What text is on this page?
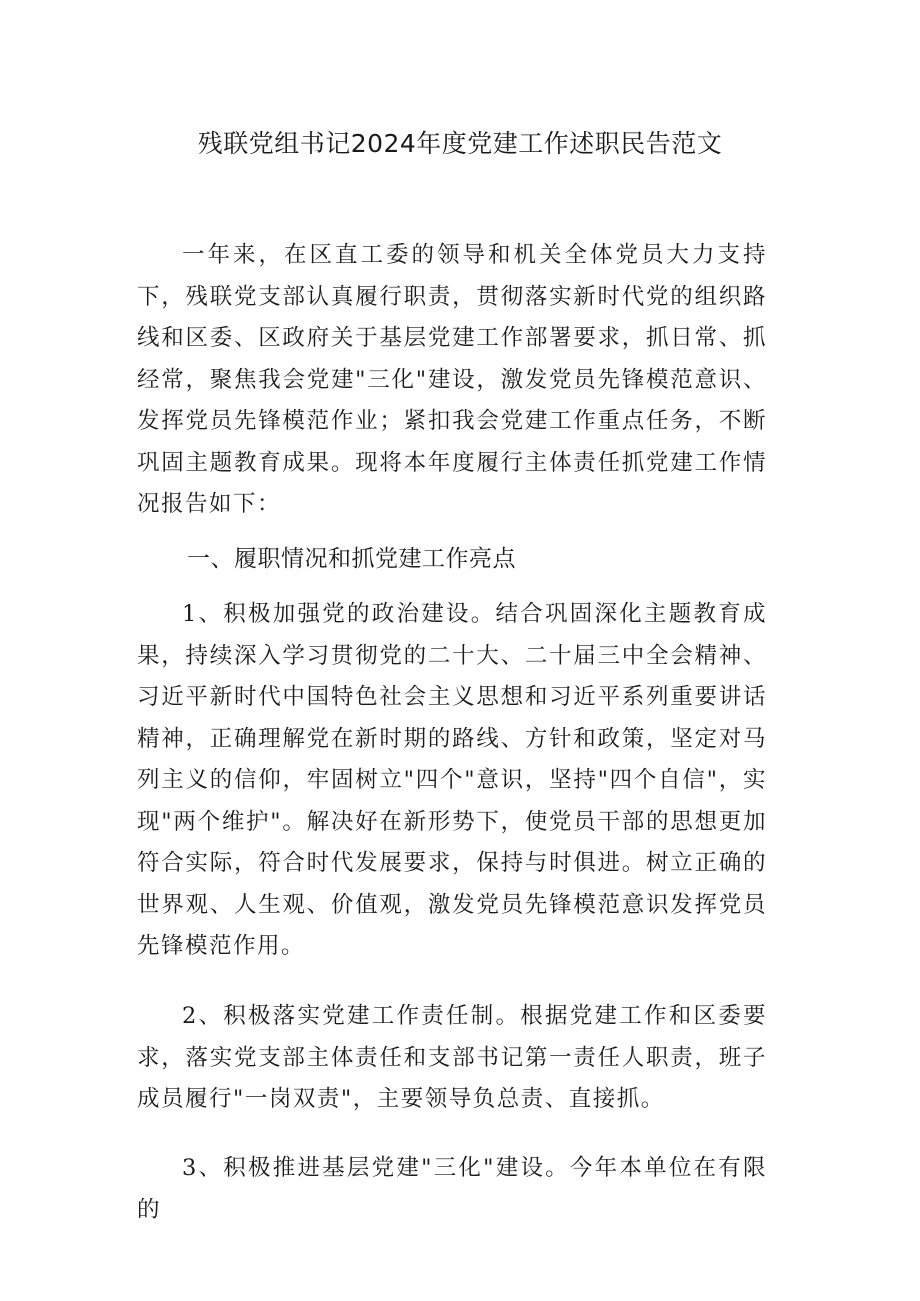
残联党组书记2024年度党建工作述职民告范文

一年来，在区直工委的领导和机关全体党员大力支持下，残联党支部认真履行职责，贯彻落实新时代党的组织路线和区委、区政府关于基层党建工作部署要求，抓日常、抓经常，聚焦我会党建"三化"建设，激发党员先锋模范意识、发挥党员先锋模范作业；紧扣我会党建工作重点任务，不断巩固主题教育成果。现将本年度履行主体责任抓党建工作情况报告如下：

一、履职情况和抓党建工作亮点

1、积极加强党的政治建设。结合巩固深化主题教育成果，持续深入学习贯彻党的二十大、二十届三中全会精神、习近平新时代中国特色社会主义思想和习近平系列重要讲话精神，正确理解党在新时期的路线、方针和政策，坚定对马列主义的信仰，牢固树立"四个"意识，坚持"四个自信"，实现"两个维护"。解决好在新形势下，使党员干部的思想更加符合实际，符合时代发展要求，保持与时俱进。树立正确的世界观、人生观、价值观，激发党员先锋模范意识发挥党员先锋模范作用。

2、积极落实党建工作责任制。根据党建工作和区委要求，落实党支部主体责任和支部书记第一责任人职责，班子成员履行"一岗双责"，主要领导负总责、直接抓。

3、积极推进基层党建"三化"建设。今年本单位在有限的
